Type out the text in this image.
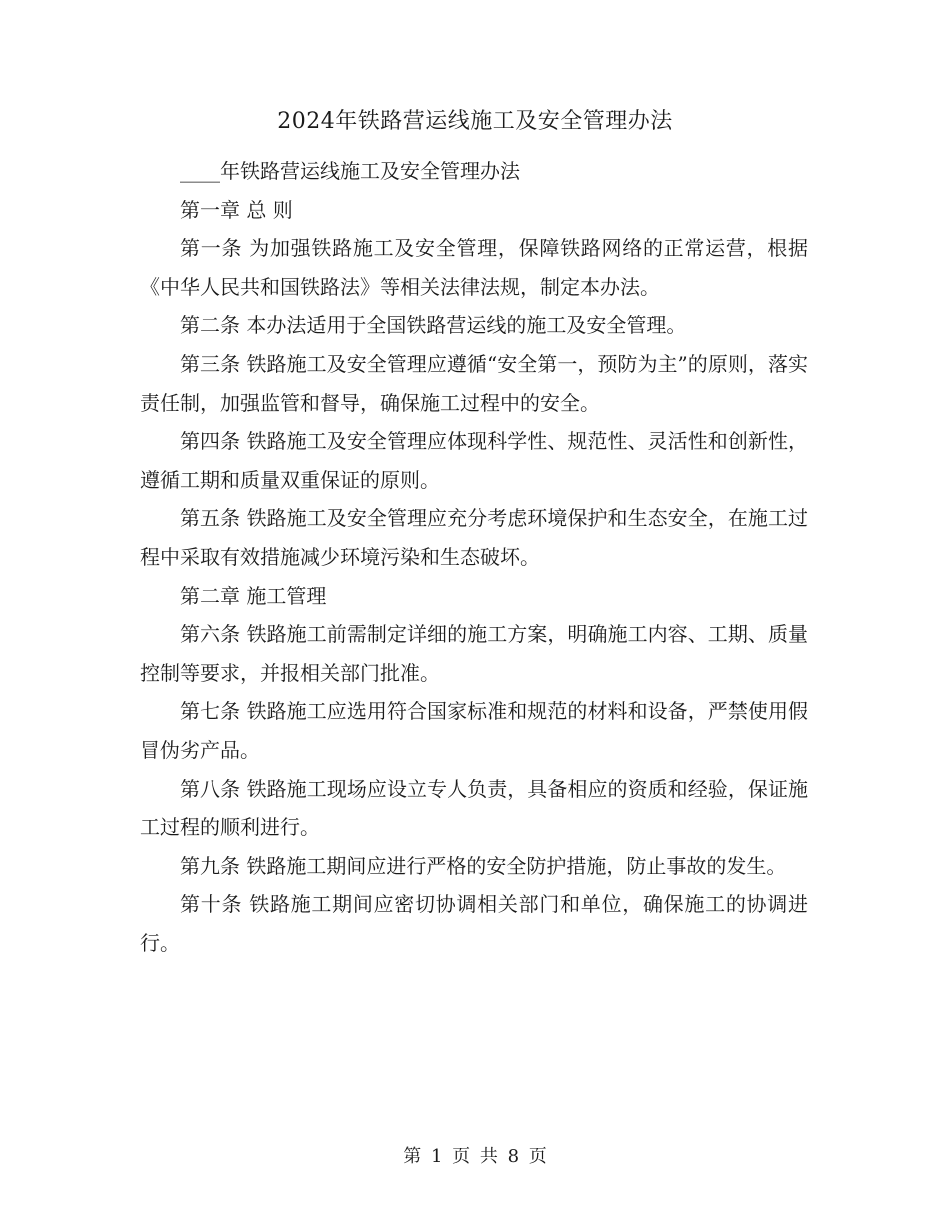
2024年铁路营运线施工及安全管理办法

____年铁路营运线施工及安全管理办法

第一章 总 则

第一条 为加强铁路施工及安全管理，保障铁路网络的正常运营，根据《中华人民共和国铁路法》等相关法律法规，制定本办法。

第二条 本办法适用于全国铁路营运线的施工及安全管理。

第三条 铁路施工及安全管理应遵循“安全第一，预防为主”的原则，落实责任制，加强监管和督导，确保施工过程中的安全。

第四条 铁路施工及安全管理应体现科学性、规范性、灵活性和创新性，遵循工期和质量双重保证的原则。

第五条 铁路施工及安全管理应充分考虑环境保护和生态安全，在施工过程中采取有效措施减少环境污染和生态破坏。

第二章 施工管理

第六条 铁路施工前需制定详细的施工方案，明确施工内容、工期、质量控制等要求，并报相关部门批准。

第七条 铁路施工应选用符合国家标准和规范的材料和设备，严禁使用假冒伪劣产品。

第八条 铁路施工现场应设立专人负责，具备相应的资质和经验，保证施工过程的顺利进行。

第九条 铁路施工期间应进行严格的安全防护措施，防止事故的发生。

第十条 铁路施工期间应密切协调相关部门和单位，确保施工的协调进行。

第 1 页 共 8 页
